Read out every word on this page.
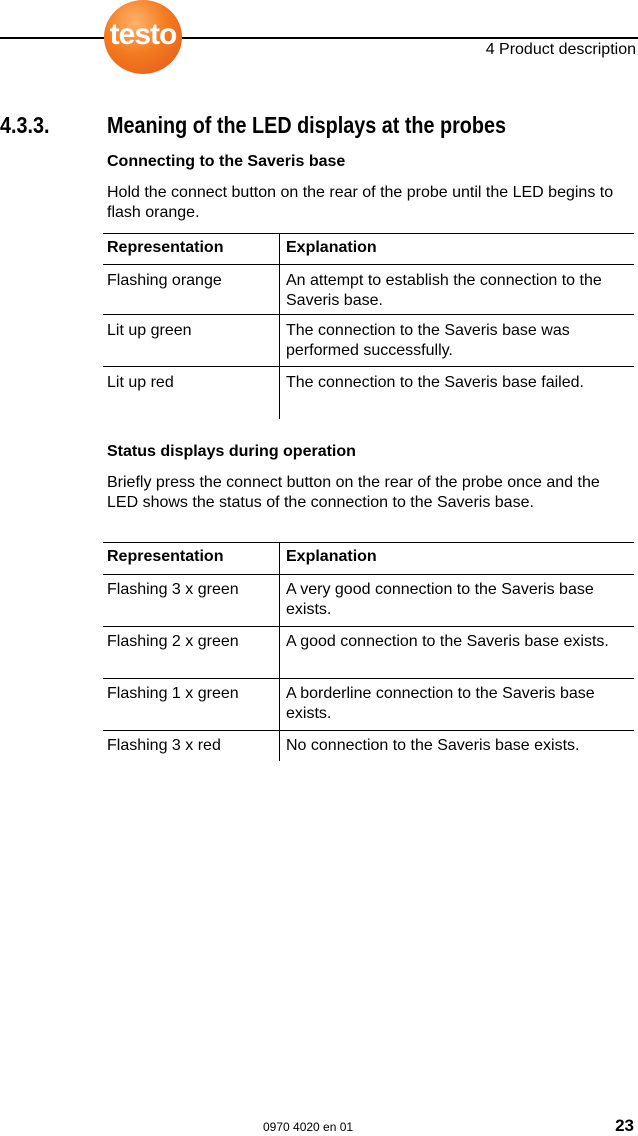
testo	4 Product description
4.3.3.	Meaning of the LED displays at the probes
Connecting to the Saveris base
Hold the connect button on the rear of the probe until the LED begins to flash orange.
Representation	Explanation
Flashing orange	An attempt to establish the connection to the Saveris base.
Lit up green	The connection to the Saveris base was performed successfully.
Lit up red	The connection to the Saveris base failed.
Status displays during operation
Briefly press the connect button on the rear of the probe once and the LED shows the status of the connection to the Saveris base.
Representation	Explanation
Flashing 3 x green	A very good connection to the Saveris base exists.
Flashing 2 x green	A good connection to the Saveris base exists.
Flashing 1 x green	A borderline connection to the Saveris base exists.
Flashing 3 x red	No connection to the Saveris base exists.
0970 4020 en 01	23
